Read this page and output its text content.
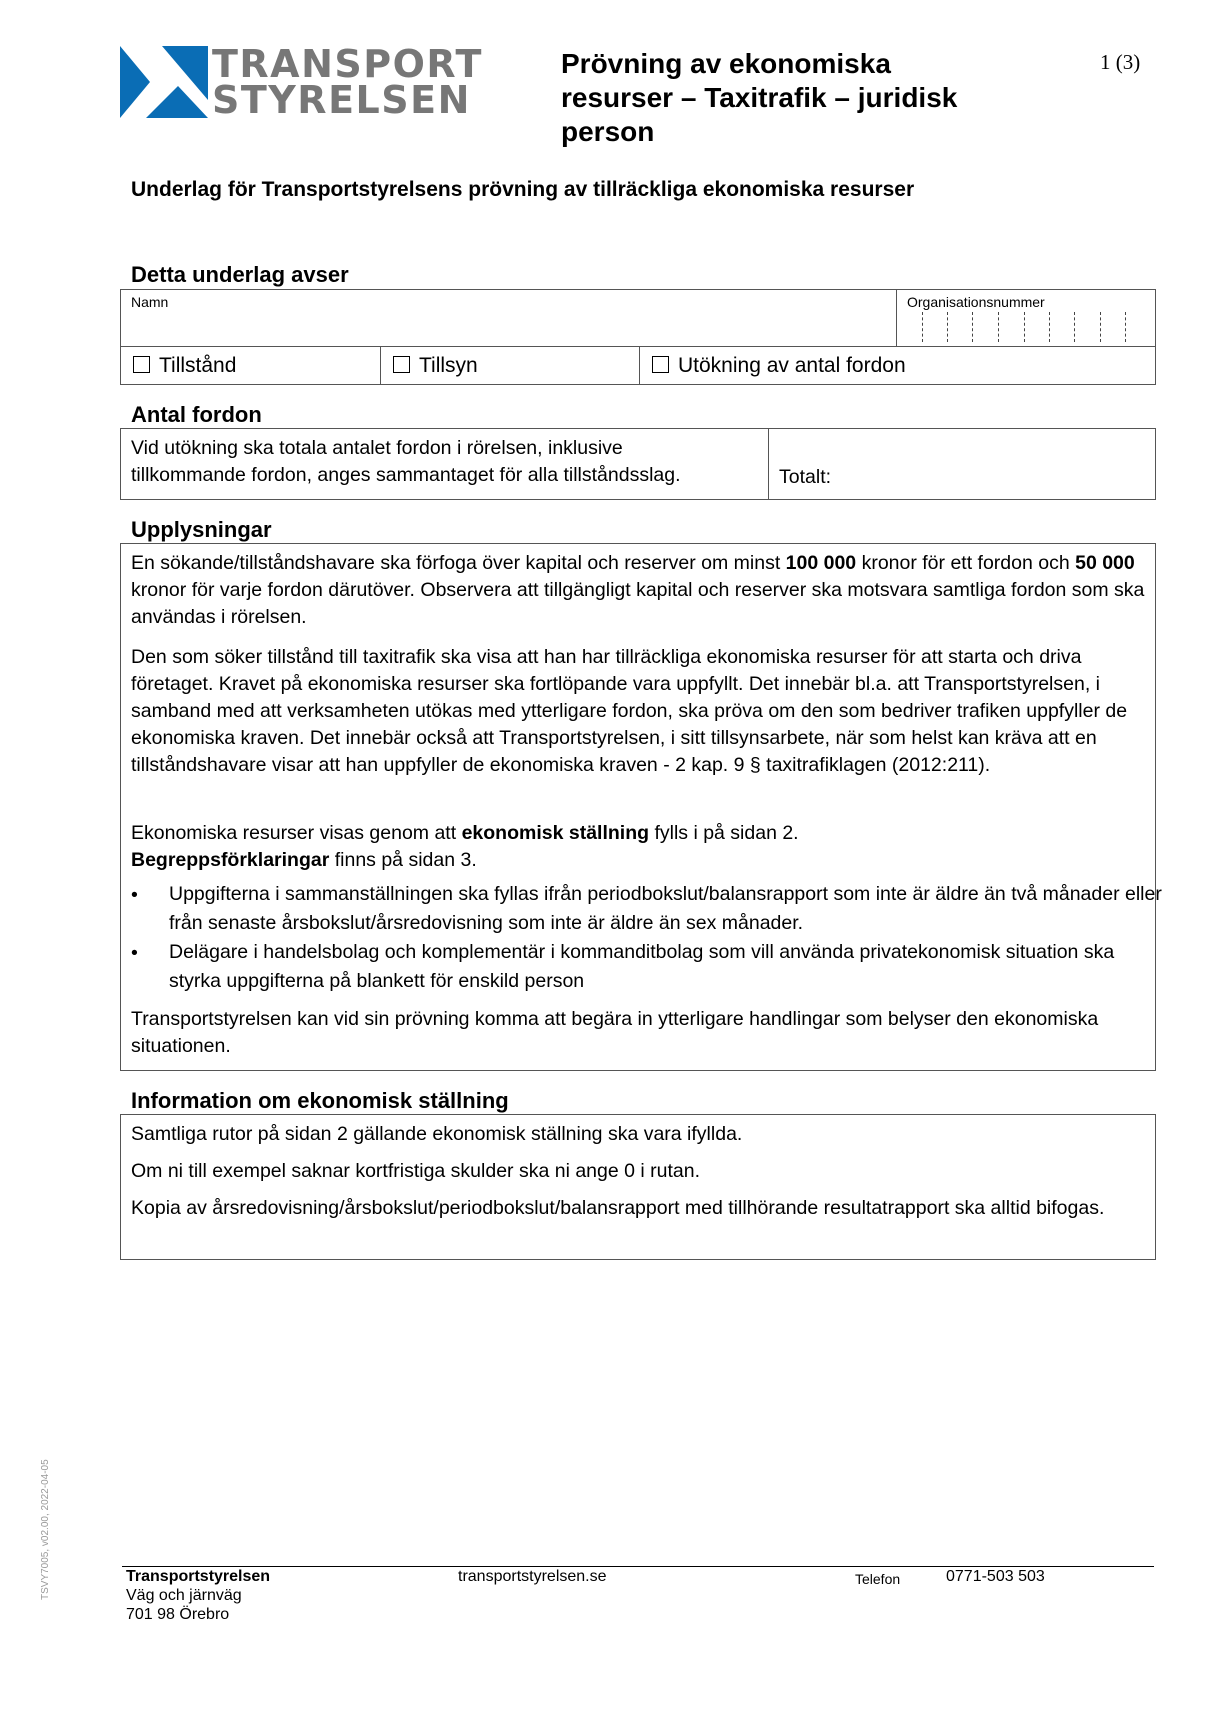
TRANSPORT
STYRELSEN
Prövning av ekonomiska
resurser – Taxitrafik – juridisk
person
1 (3)
Underlag för Transportstyrelsens prövning av tillräckliga ekonomiska resurser
Detta underlag avser
Namn	Organisationsnummer
Tillstånd	Tillsyn	Utökning av antal fordon
Antal fordon
Vid utökning ska totala antalet fordon i rörelsen, inklusive
tillkommande fordon, anges sammantaget för alla tillståndsslag.	Totalt:
Upplysningar
En sökande/tillståndshavare ska förfoga över kapital och reserver om minst 100 000 kronor för ett fordon och 50 000 kronor för varje fordon därutöver. Observera att tillgängligt kapital och reserver ska motsvara samtliga fordon som ska användas i rörelsen.
Den som söker tillstånd till taxitrafik ska visa att han har tillräckliga ekonomiska resurser för att starta och driva företaget. Kravet på ekonomiska resurser ska fortlöpande vara uppfyllt. Det innebär bl.a. att Transportstyrelsen, i samband med att verksamheten utökas med ytterligare fordon, ska pröva om den som bedriver trafiken uppfyller de ekonomiska kraven. Det innebär också att Transportstyrelsen, i sitt tillsynsarbete, när som helst kan kräva att en tillståndshavare visar att han uppfyller de ekonomiska kraven - 2 kap. 9 § taxitrafiklagen (2012:211).
Ekonomiska resurser visas genom att ekonomisk ställning fylls i på sidan 2.
Begreppsförklaringar finns på sidan 3.
• Uppgifterna i sammanställningen ska fyllas ifrån periodbokslut/balansrapport som inte är äldre än två månader eller från senaste årsbokslut/årsredovisning som inte är äldre än sex månader.
• Delägare i handelsbolag och komplementär i kommanditbolag som vill använda privatekonomisk situation ska styrka uppgifterna på blankett för enskild person
Transportstyrelsen kan vid sin prövning komma att begära in ytterligare handlingar som belyser den ekonomiska situationen.
Information om ekonomisk ställning
Samtliga rutor på sidan 2 gällande ekonomisk ställning ska vara ifyllda.
Om ni till exempel saknar kortfristiga skulder ska ni ange 0 i rutan.
Kopia av årsredovisning/årsbokslut/periodbokslut/balansrapport med tillhörande resultatrapport ska alltid bifogas.
Transportstyrelsen
Väg och järnväg
701 98 Örebro
transportstyrelsen.se	Telefon	0771-503 503
TSVY7005, v02.00, 2022-04-05
